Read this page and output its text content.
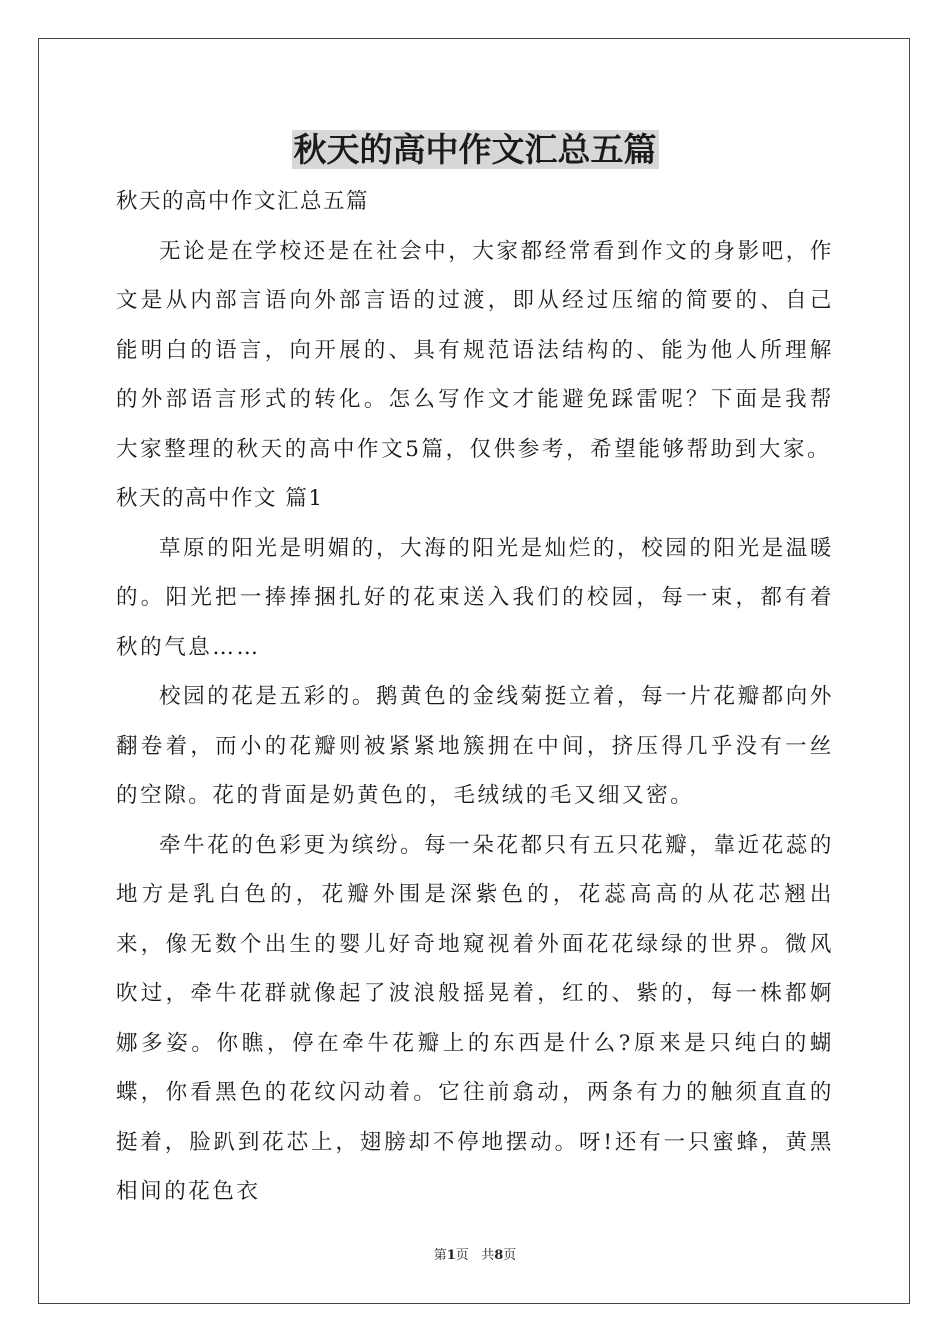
秋天的高中作文汇总五篇
秋天的高中作文汇总五篇

无论是在学校还是在社会中，大家都经常看到作文的身影吧，作文是从内部言语向外部言语的过渡，即从经过压缩的简要的、自己能明白的语言，向开展的、具有规范语法结构的、能为他人所理解的外部语言形式的转化。怎么写作文才能避免踩雷呢？下面是我帮大家整理的秋天的高中作文5篇，仅供参考，希望能够帮助到大家。

秋天的高中作文 篇1

草原的阳光是明媚的，大海的阳光是灿烂的，校园的阳光是温暖的。阳光把一捧捧捆扎好的花束送入我们的校园，每一束，都有着秋的气息……

校园的花是五彩的。鹅黄色的金线菊挺立着，每一片花瓣都向外翻卷着，而小的花瓣则被紧紧地簇拥在中间，挤压得几乎没有一丝的空隙。花的背面是奶黄色的，毛绒绒的毛又细又密。

牵牛花的色彩更为缤纷。每一朵花都只有五只花瓣，靠近花蕊的地方是乳白色的，花瓣外围是深紫色的，花蕊高高的从花芯翘出来，像无数个出生的婴儿好奇地窥视着外面花花绿绿的世界。微风吹过，牵牛花群就像起了波浪般摇晃着，红的、紫的，每一株都婀娜多姿。你瞧，停在牵牛花瓣上的东西是什么?原来是只纯白的蝴蝶，你看黑色的花纹闪动着。它往前翕动，两条有力的触须直直的挺着，脸趴到花芯上，翅膀却不停地摆动。呀!还有一只蜜蜂，黄黑相间的花色衣

第1页 共8页
